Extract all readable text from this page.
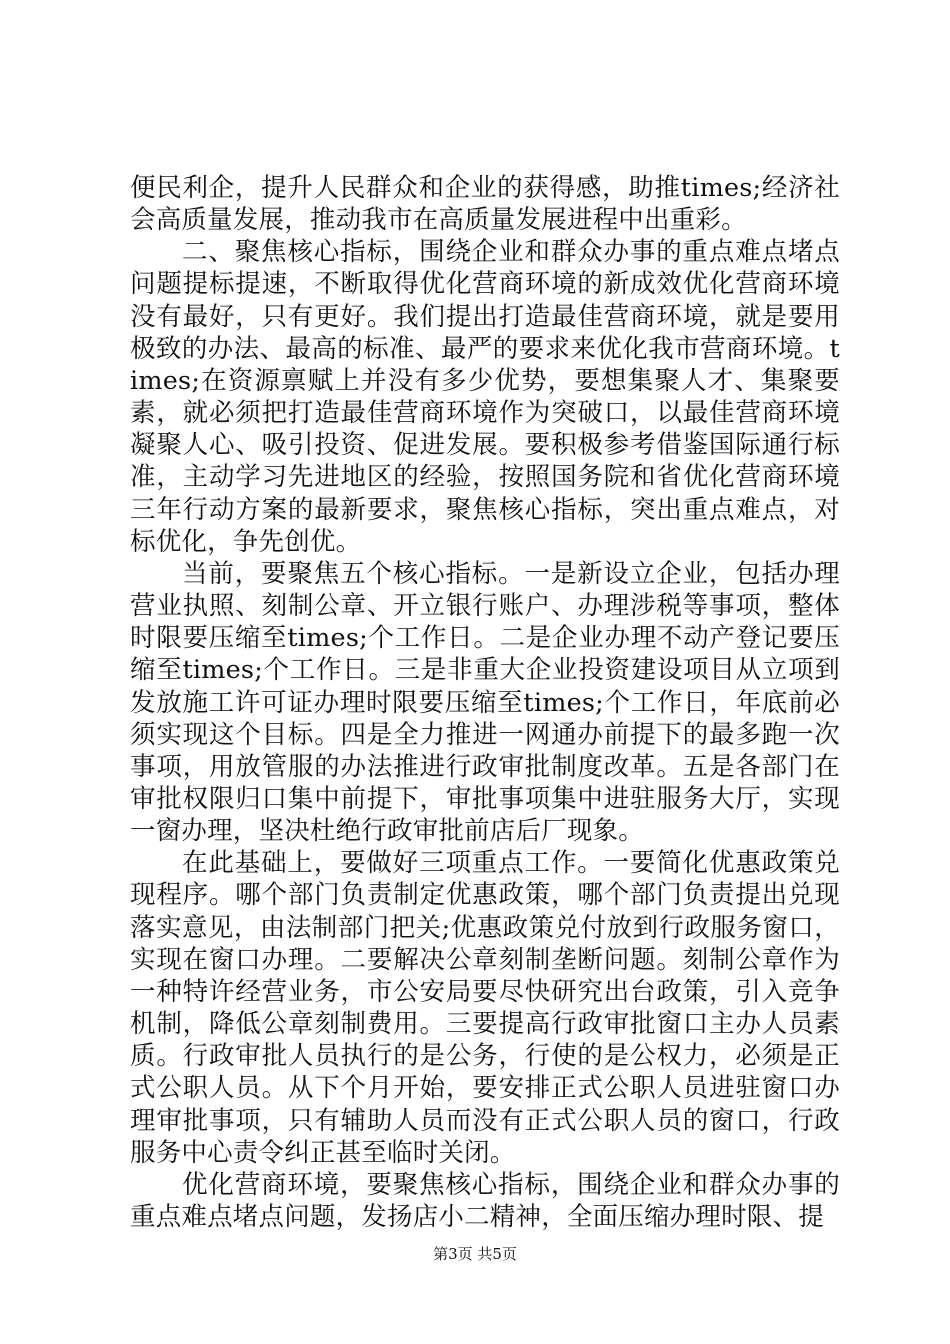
便民利企，提升人民群众和企业的获得感，助推times;经济社会高质量发展，推动我市在高质量发展进程中出重彩。

二、聚焦核心指标，围绕企业和群众办事的重点难点堵点问题提标提速，不断取得优化营商环境的新成效优化营商环境没有最好，只有更好。我们提出打造最佳营商环境，就是要用极致的办法、最高的标准、最严的要求来优化我市营商环境。times;在资源禀赋上并没有多少优势，要想集聚人才、集聚要素，就必须把打造最佳营商环境作为突破口，以最佳营商环境凝聚人心、吸引投资、促进发展。要积极参考借鉴国际通行标准，主动学习先进地区的经验，按照国务院和省优化营商环境三年行动方案的最新要求，聚焦核心指标，突出重点难点，对标优化，争先创优。

当前，要聚焦五个核心指标。一是新设立企业，包括办理营业执照、刻制公章、开立银行账户、办理涉税等事项，整体时限要压缩至times;个工作日。二是企业办理不动产登记要压缩至times;个工作日。三是非重大企业投资建设项目从立项到发放施工许可证办理时限要压缩至times;个工作日，年底前必须实现这个目标。四是全力推进一网通办前提下的最多跑一次事项，用放管服的办法推进行政审批制度改革。五是各部门在审批权限归口集中前提下，审批事项集中进驻服务大厅，实现一窗办理，坚决杜绝行政审批前店后厂现象。

在此基础上，要做好三项重点工作。一要简化优惠政策兑现程序。哪个部门负责制定优惠政策，哪个部门负责提出兑现落实意见，由法制部门把关;优惠政策兑付放到行政服务窗口，实现在窗口办理。二要解决公章刻制垄断问题。刻制公章作为一种特许经营业务，市公安局要尽快研究出台政策，引入竞争机制，降低公章刻制费用。三要提高行政审批窗口主办人员素质。行政审批人员执行的是公务，行使的是公权力，必须是正式公职人员。从下个月开始，要安排正式公职人员进驻窗口办理审批事项，只有辅助人员而没有正式公职人员的窗口，行政服务中心责令纠正甚至临时关闭。

优化营商环境，要聚焦核心指标，围绕企业和群众办事的重点难点堵点问题，发扬店小二精神，全面压缩办理时限、提

第3页 共5页
